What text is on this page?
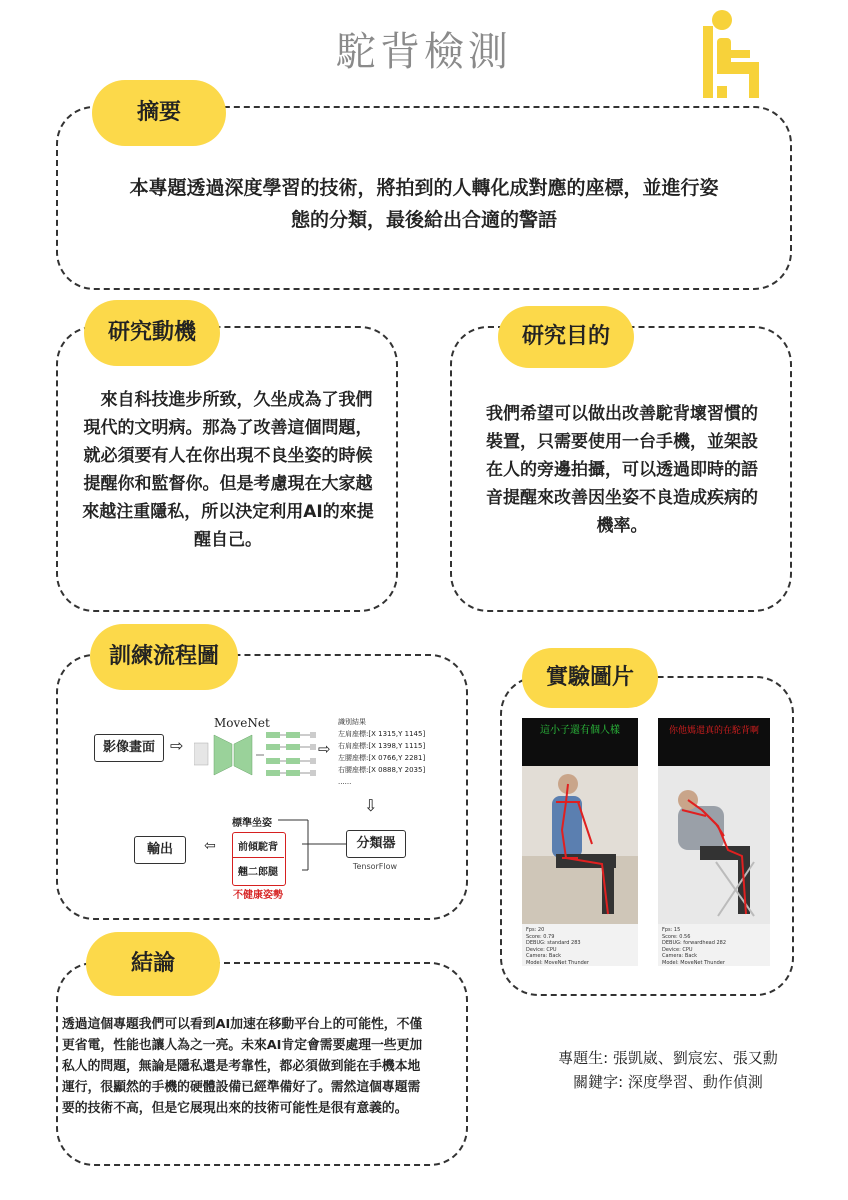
駝背檢測
摘要
本專題透過深度學習的技術，將拍到的人轉化成對應的座標，並進行姿
態的分類，最後給出合適的警語
研究動機
　來自科技進步所致，久坐成為了我們
現代的文明病。那為了改善這個問題，
就必須要有人在你出現不良坐姿的時候
提醒你和監督你。但是考慮現在大家越
來越注重隱私，所以決定利用AI的來提
醒自己。
研究目的
我們希望可以做出改善駝背壞習慣的
裝置，只需要使用一台手機，並架設
在人的旁邊拍攝，可以透過即時的語
音提醒來改善因坐姿不良造成疾病的
機率。
訓練流程圖
影像畫面 ⇨
MoveNet
⇨
識別結果
左肩座標:[X 1315,Y 1145]
右肩座標:[X 1398,Y 1115]
左腰座標:[X 0766,Y 2281]
右腰座標:[X 0888,Y 2035]
......
⇩
分類器
TensorFlow
標準坐姿
前傾駝背
翹二郎腿
不健康姿勢
⇦
輸出
實驗圖片
這小子還有個人樣
Fps: 20
Score: 0.79
DEBUG: standard 283
Device: CPU
Camera: Back
Model: MoveNet Thunder
你他媽還真的在駝背啊
Fps: 15
Score: 0.56
DEBUG: forwardhead 282
Device: CPU
Camera: Back
Model: MoveNet Thunder
結論
透過這個專題我們可以看到AI加速在移動平台上的可能性，不僅
更省電，性能也讓人為之一亮。未來AI肯定會需要處理一些更加
私人的問題，無論是隱私還是考靠性，都必須做到能在手機本地
運行，很顯然的手機的硬體設備已經準備好了。需然這個專題需
要的技術不高，但是它展現出來的技術可能性是很有意義的。
專題生: 張凱崴、劉宸宏、張又勳
關鍵字: 深度學習、動作偵測
